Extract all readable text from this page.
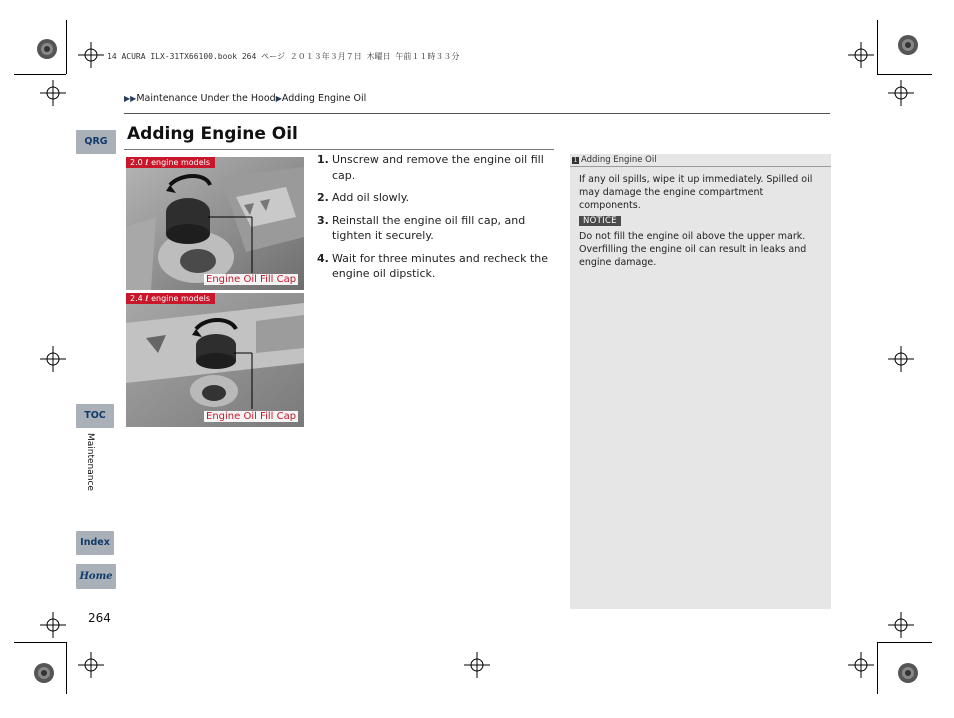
14 ACURA ILX-31TX66100.book 264 ページ ２０１３年３月７日 木曜日 午前１１時３３分
▶▶Maintenance Under the Hood▶Adding Engine Oil
Adding Engine Oil
QRG
TOC
Maintenance
Index
Home
264
2.0 ℓ engine models
Engine Oil Fill Cap
2.4 ℓ engine models
Engine Oil Fill Cap
1. Unscrew and remove the engine oil fill cap.
2. Add oil slowly.
3. Reinstall the engine oil fill cap, and tighten it securely.
4. Wait for three minutes and recheck the engine oil dipstick.
1 Adding Engine Oil
If any oil spills, wipe it up immediately. Spilled oil may damage the engine compartment components.
NOTICE
Do not fill the engine oil above the upper mark. Overfilling the engine oil can result in leaks and engine damage.
